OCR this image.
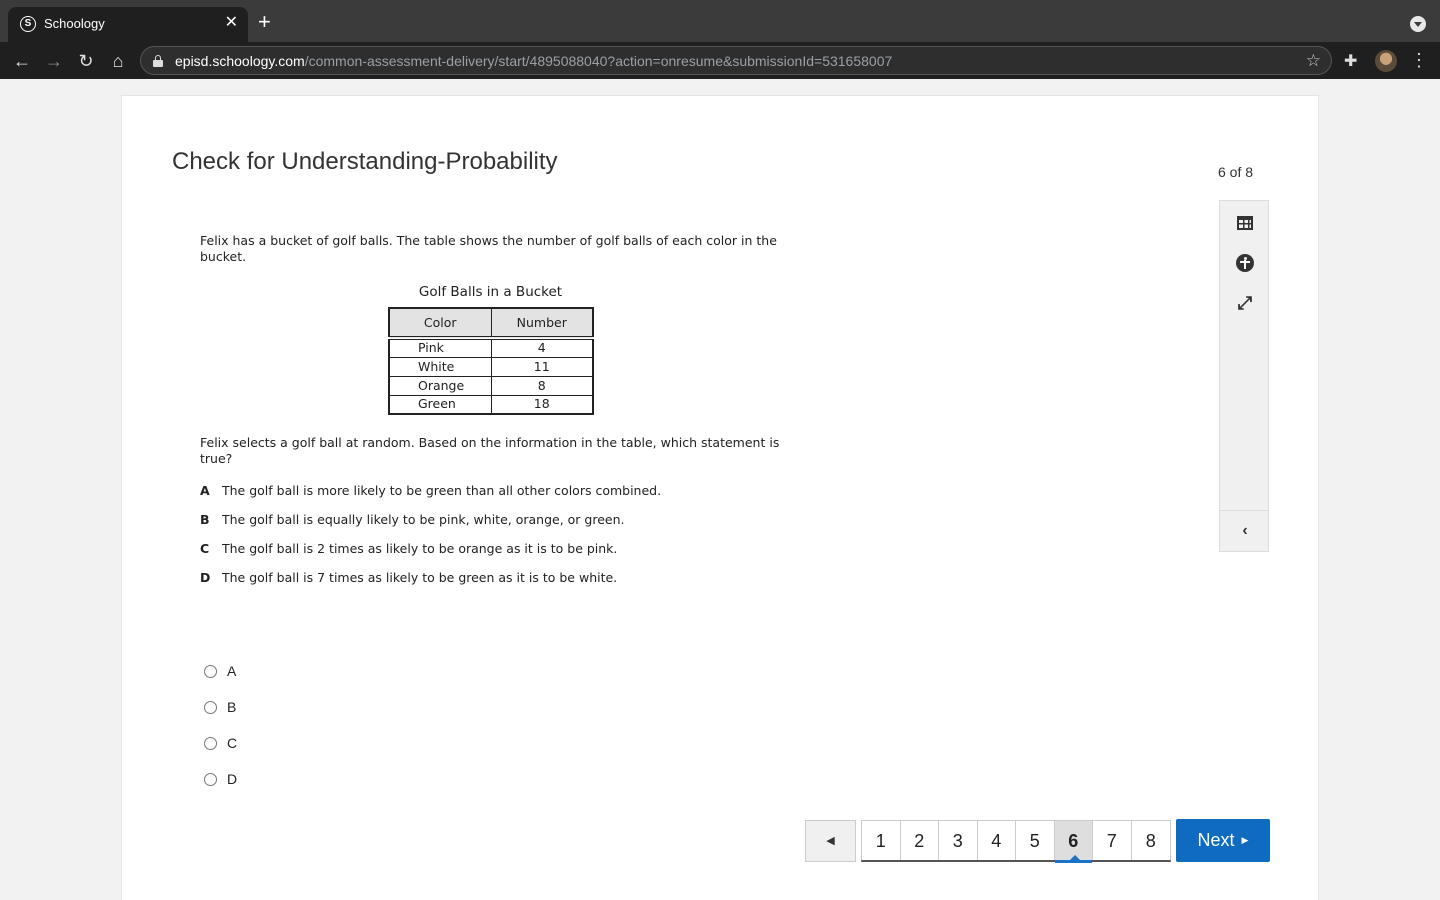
S Schoology	✕ +
← → ↻	⌂	episd.schoology.com/common-assessment-delivery/start/4895088040?action=onresume&submissionId=531658007	☆ ✚	⋮
Check for Understanding-Probability	6 of 8
⤢
‹

Felix has a bucket of golf balls. The table shows the number of golf balls of each color in the bucket.

Golf Balls in a Bucket
Color	Number
Pink	4
White	11
Orange	8
Green	18

Felix selects a golf ball at random. Based on the information in the table, which statement is true?

A The golf ball is more likely to be green than all other colors combined.
B The golf ball is equally likely to be pink, white, orange, or green.
C The golf ball is 2 times as likely to be orange as it is to be pink.
D The golf ball is 7 times as likely to be green as it is to be white.
A
B
C
D
◀	1	2	3	4	5	6	7	8	Next ▶
